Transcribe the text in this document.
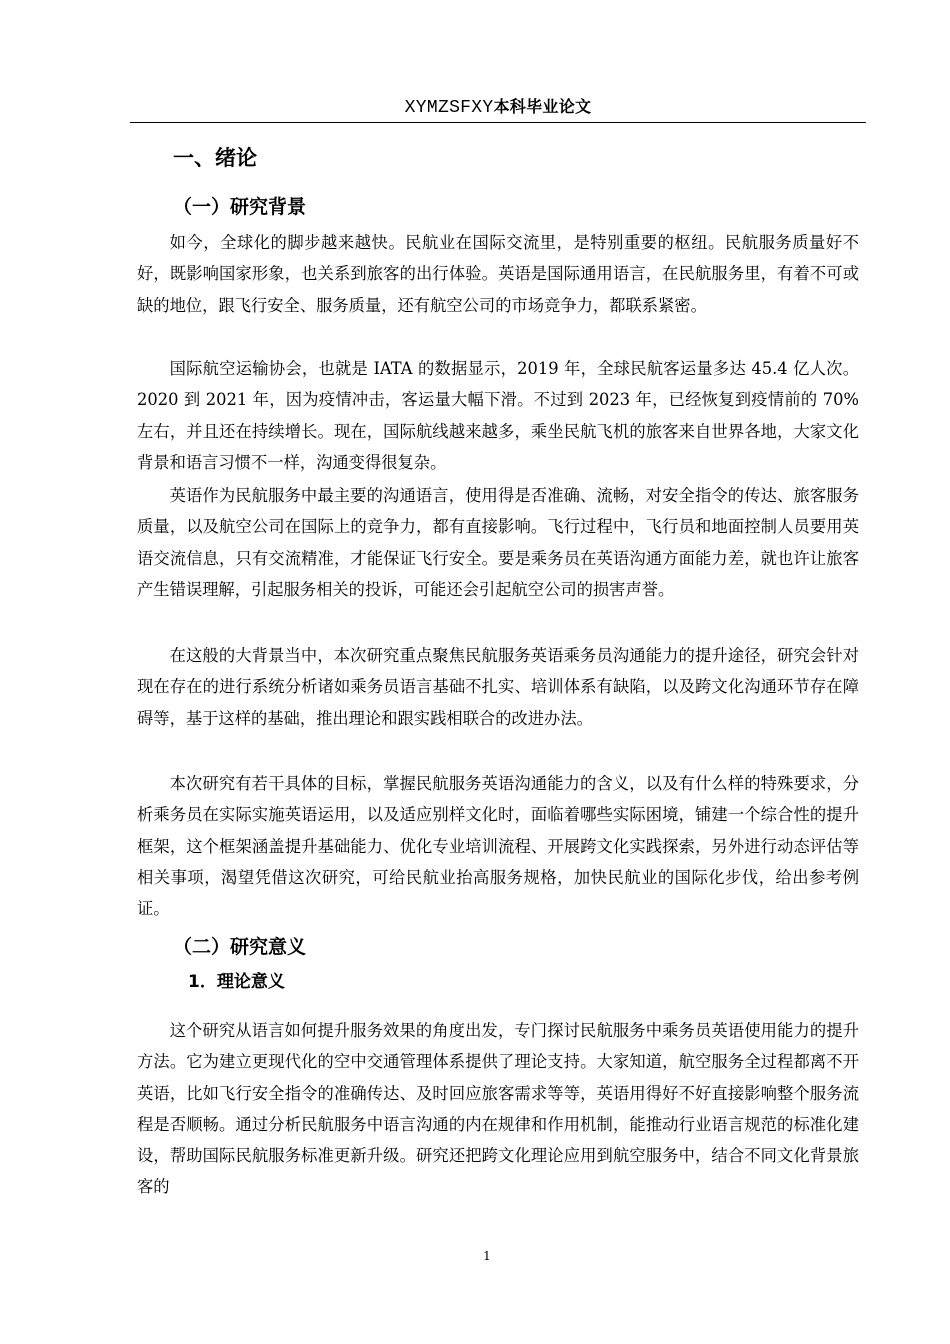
XYMZSFXY本科毕业论文
一、绪论
（一）研究背景

如今，全球化的脚步越来越快。民航业在国际交流里，是特别重要的枢纽。民航服务质量好不好，既影响国家形象，也关系到旅客的出行体验。英语是国际通用语言，在民航服务里，有着不可或缺的地位，跟飞行安全、服务质量，还有航空公司的市场竞争力，都联系紧密。

国际航空运输协会，也就是 IATA 的数据显示，2019 年，全球民航客运量多达 45.4 亿人次。2020 到 2021 年，因为疫情冲击，客运量大幅下滑。不过到 2023 年，已经恢复到疫情前的 70% 左右，并且还在持续增长。现在，国际航线越来越多，乘坐民航飞机的旅客来自世界各地，大家文化背景和语言习惯不一样，沟通变得很复杂。

英语作为民航服务中最主要的沟通语言，使用得是否准确、流畅，对安全指令的传达、旅客服务质量，以及航空公司在国际上的竞争力，都有直接影响。飞行过程中，飞行员和地面控制人员要用英语交流信息，只有交流精准，才能保证飞行安全。要是乘务员在英语沟通方面能力差，就也许让旅客产生错误理解，引起服务相关的投诉，可能还会引起航空公司的损害声誉。

在这般的大背景当中，本次研究重点聚焦民航服务英语乘务员沟通能力的提升途径，研究会针对现在存在的进行系统分析诸如乘务员语言基础不扎实、培训体系有缺陷，以及跨文化沟通环节存在障碍等，基于这样的基础，推出理论和跟实践相联合的改进办法。

本次研究有若干具体的目标，掌握民航服务英语沟通能力的含义，以及有什么样的特殊要求，分析乘务员在实际实施英语运用，以及适应别样文化时，面临着哪些实际困境，铺建一个综合性的提升框架，这个框架涵盖提升基础能力、优化专业培训流程、开展跨文化实践探索，另外进行动态评估等相关事项，渴望凭借这次研究，可给民航业抬高服务规格，加快民航业的国际化步伐，给出参考例证。

（二）研究意义
1．理论意义

这个研究从语言如何提升服务效果的角度出发，专门探讨民航服务中乘务员英语使用能力的提升方法。它为建立更现代化的空中交通管理体系提供了理论支持。大家知道，航空服务全过程都离不开英语，比如飞行安全指令的准确传达、及时回应旅客需求等等，英语用得好不好直接影响整个服务流程是否顺畅。通过分析民航服务中语言沟通的内在规律和作用机制，能推动行业语言规范的标准化建设，帮助国际民航服务标准更新升级。研究还把跨文化理论应用到航空服务中，结合不同文化背景旅客的

1
